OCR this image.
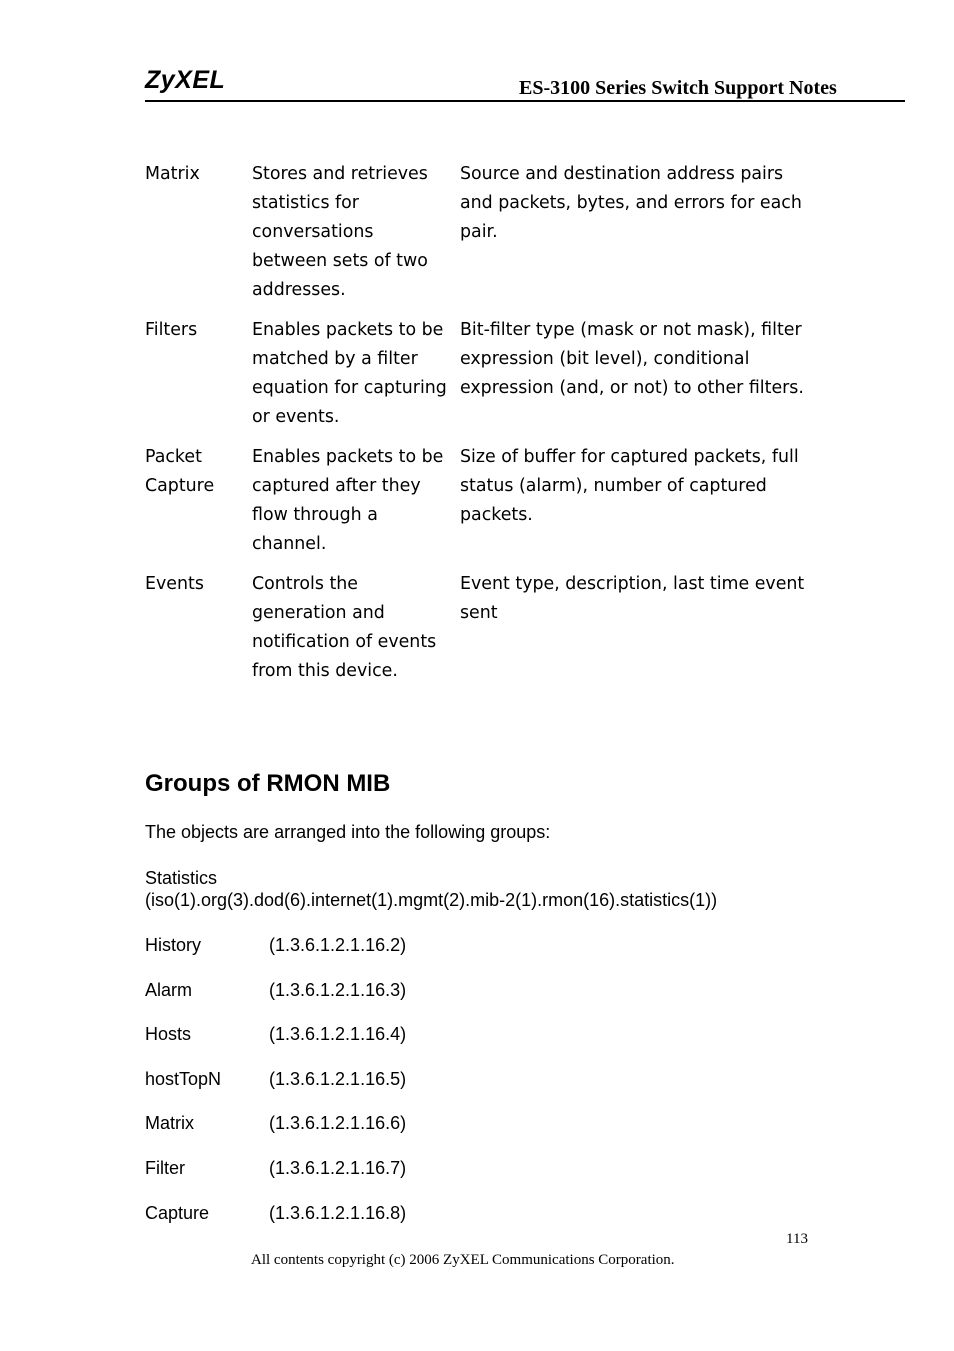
ZyXEL	ES-3100 Series Switch Support Notes
Matrix	Stores and retrieves statistics for conversations between sets of two addresses.	Source and destination address pairs and packets, bytes, and errors for each pair.
Filters	Enables packets to be matched by a filter equation for capturing or events.	Bit-filter type (mask or not mask), filter expression (bit level), conditional expression (and, or not) to other filters.
Packet Capture	Enables packets to be captured after they flow through a channel.	Size of buffer for captured packets, full status (alarm), number of captured packets.
Events	Controls the generation and notification of events from this device.	Event type, description, last time event sent
Groups of RMON MIB
The objects are arranged into the following groups:
Statistics
(iso(1).org(3).dod(6).internet(1).mgmt(2).mib-2(1).rmon(16).statistics(1))
History	(1.3.6.1.2.1.16.2)
Alarm	(1.3.6.1.2.1.16.3)
Hosts	(1.3.6.1.2.1.16.4)
hostTopN	(1.3.6.1.2.1.16.5)
Matrix	(1.3.6.1.2.1.16.6)
Filter	(1.3.6.1.2.1.16.7)
Capture	(1.3.6.1.2.1.16.8)
113
All contents copyright (c) 2006 ZyXEL Communications Corporation.
